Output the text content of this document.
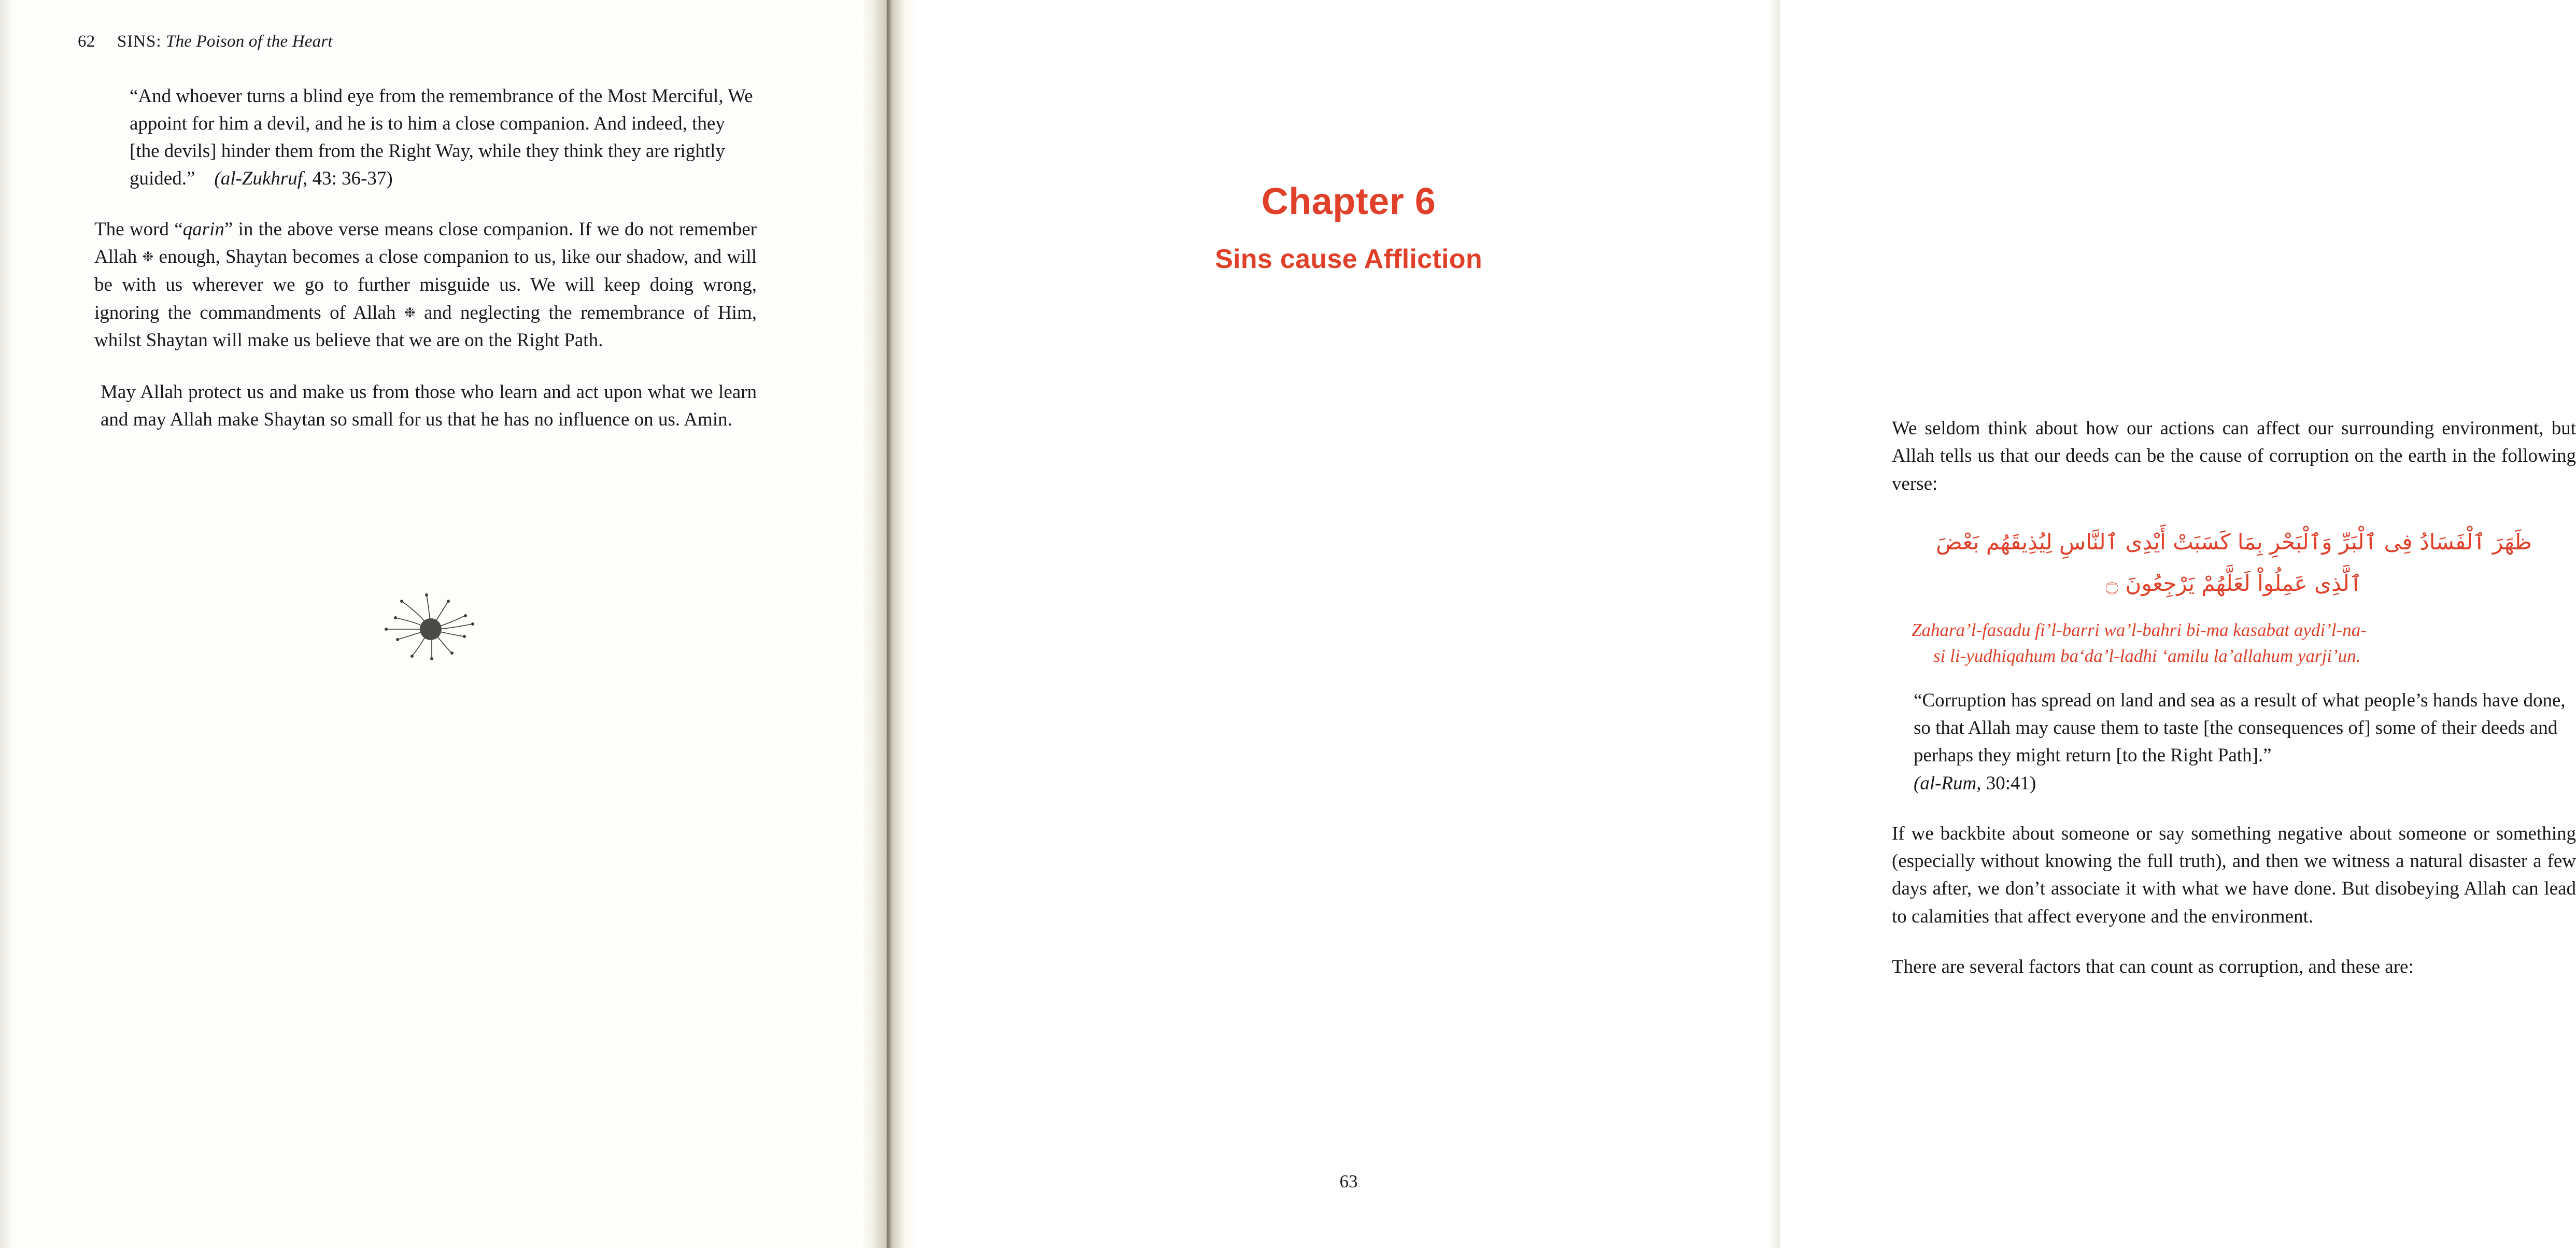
62 SINS: The Poison of the Heart
“And whoever turns a blind eye from the remembrance of the Most Merciful, We appoint for him a devil, and he is to him a close companion. And indeed, they [the devils] hinder them from the Right Way, while they think they are rightly guided.” (al-Zukhruf, 43: 36-37)
The word “qarin” in the above verse means close companion. If we do not remember Allah ❉ enough, Shaytan becomes a close companion to us, like our shadow, and will be with us wherever we go to further misguide us. We will keep doing wrong, ignoring the commandments of Allah ❉ and neglecting the remembrance of Him, whilst Shaytan will make us believe that we are on the Right Path.
May Allah protect us and make us from those who learn and act upon what we learn and may Allah make Shaytan so small for us that he has no influence on us. Amin.
Chapter 6
Sins cause Affliction
We seldom think about how our actions can affect our surrounding environment, but Allah tells us that our deeds can be the cause of corruption on the earth in the following verse:
ظَهَرَ ٱلْفَسَادُ فِى ٱلْبَرِّ وَٱلْبَحْرِ بِمَا كَسَبَتْ أَيْدِى ٱلنَّاسِ لِيُذِيقَهُم بَعْضَ
ٱلَّذِى عَمِلُواْ لَعَلَّهُمْ يَرْجِعُونَ ۝
Zahara’l-fasadu fi’l-barri wa’l-bahri bi-ma kasabat aydi’l-na-
si li-yudhiqahum ba‘da’l-ladhi ‘amilu la’allahum yarji’un.
“Corruption has spread on land and sea as a result of what people’s hands have done, so that Allah may cause them to taste [the consequences of] some of their deeds and perhaps they might return [to the Right Path].”
(al-Rum, 30:41)
If we backbite about someone or say something negative about someone or something (especially without knowing the full truth), and then we witness a natural disaster a few days after, we don’t associate it with what we have done. But disobeying Allah can lead to calamities that affect everyone and the environment.
There are several factors that can count as corruption, and these are:
63
